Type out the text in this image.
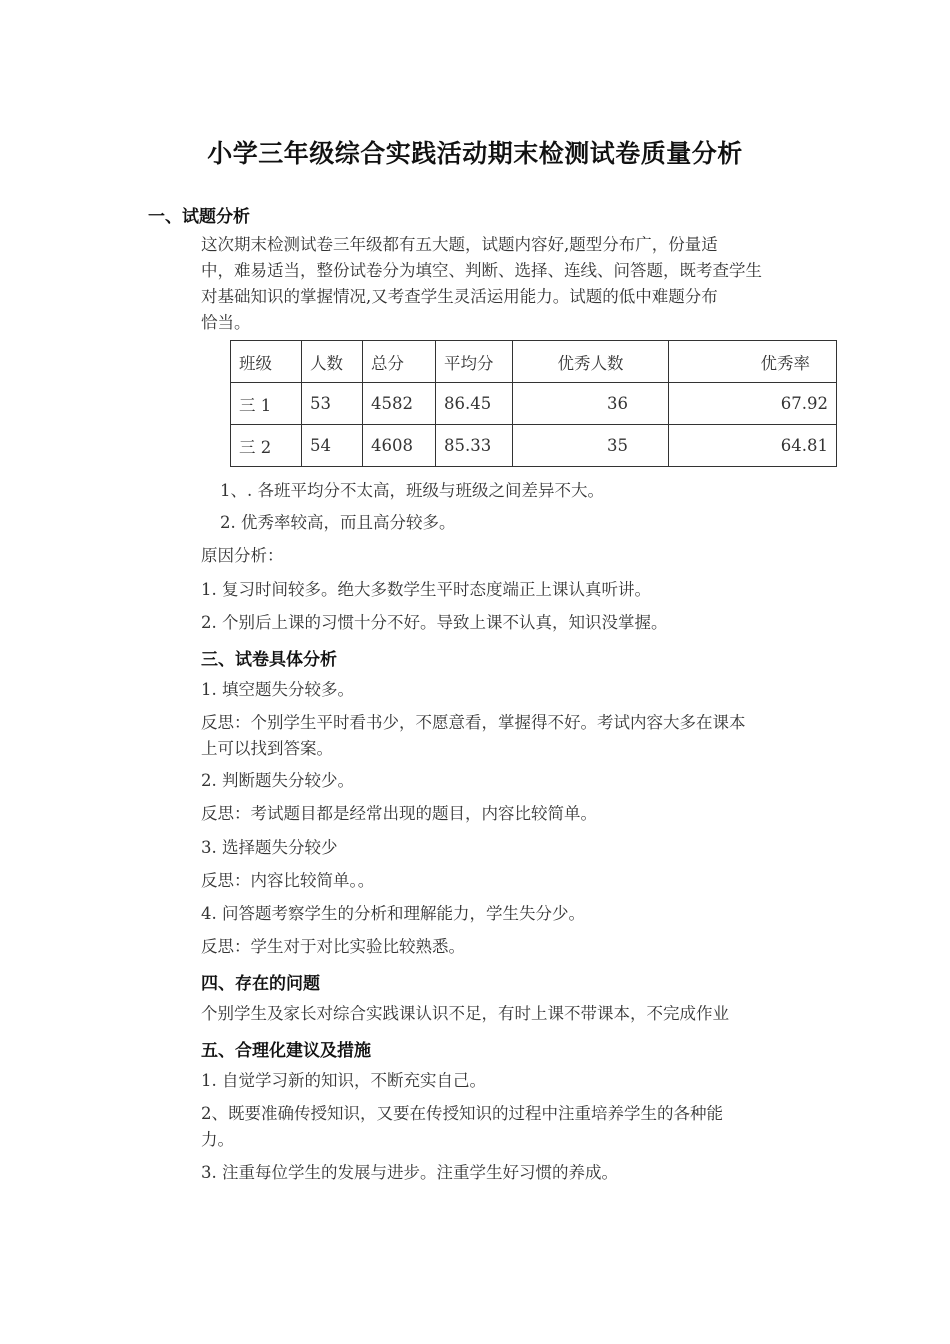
小学三年级综合实践活动期末检测试卷质量分析
一、试题分析
这次期末检测试卷三年级都有五大题，试题内容好,题型分布广，份量适
中，难易适当，整份试卷分为填空、判断、选择、连线、问答题，既考查学生
对基础知识的掌握情况,又考查学生灵活运用能力。试题的低中难题分布
恰当。
班级	人数	总分	平均分	优秀人数	优秀率
三 1	53	4582	86.45	36	67.92
三 2	54	4608	85.33	35	64.81
1、. 各班平均分不太高，班级与班级之间差异不大。
2. 优秀率较高，而且高分较多。
原因分析：
1. 复习时间较多。绝大多数学生平时态度端正上课认真听讲。
2. 个别后上课的习惯十分不好。导致上课不认真，知识没掌握。
三、试卷具体分析
1. 填空题失分较多。
反思：个别学生平时看书少，不愿意看，掌握得不好。考试内容大多在课本
上可以找到答案。
2. 判断题失分较少。
反思：考试题目都是经常出现的题目，内容比较简单。
3. 选择题失分较少
反思：内容比较简单。。
4. 问答题考察学生的分析和理解能力，学生失分少。
反思：学生对于对比实验比较熟悉。
四、存在的问题
个别学生及家长对综合实践课认识不足，有时上课不带课本，不完成作业
五、合理化建议及措施
1. 自觉学习新的知识，不断充实自己。
2、既要准确传授知识，又要在传授知识的过程中注重培养学生的各种能
力。
3. 注重每位学生的发展与进步。注重学生好习惯的养成。
